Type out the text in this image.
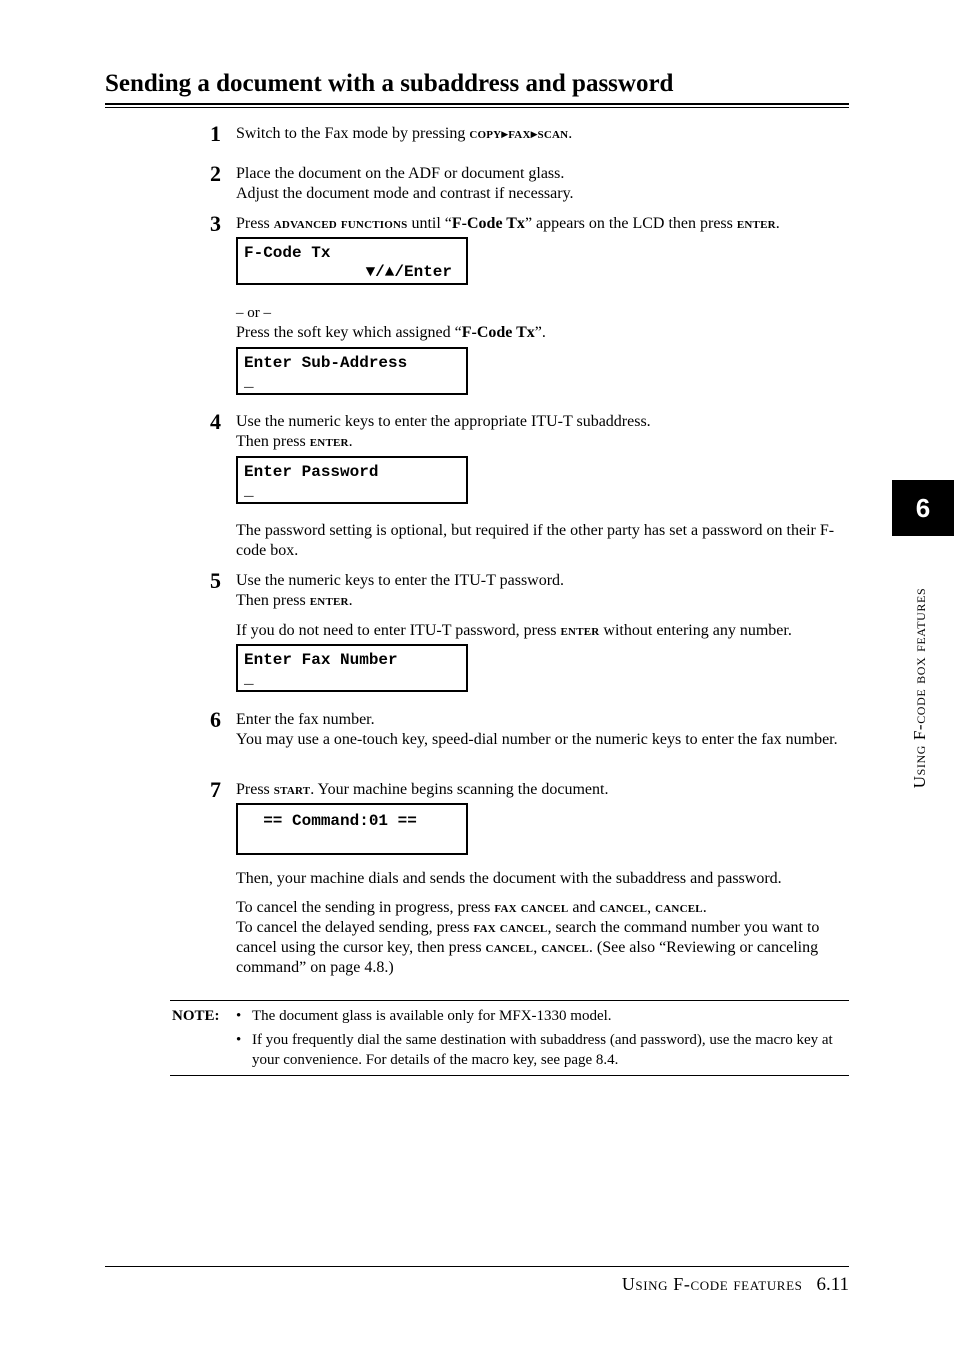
Sending a document with a subaddress and password
1 Switch to the Fax mode by pressing copy▶fax▶scan.
2 Place the document on the ADF or document glass.
Adjust the document mode and contrast if necessary.
3 Press advanced functions until “F-Code Tx” appears on the LCD then press enter.
F-Code Tx
▼/▲/Enter
– or –
Press the soft key which assigned “F-Code Tx”.
Enter Sub-Address
_
4 Use the numeric keys to enter the appropriate ITU-T subaddress.
Then press enter.
Enter Password
_
The password setting is optional, but required if the other party has set a password on their F-code box.
5 Use the numeric keys to enter the ITU-T password.
Then press enter.
If you do not need to enter ITU-T password, press enter without entering any number.
Enter Fax Number
_
6 Enter the fax number.
You may use a one-touch key, speed-dial number or the numeric keys to enter the fax number.
7 Press start. Your machine begins scanning the document.
== Command:01 ==
Then, your machine dials and sends the document with the subaddress and password.
To cancel the sending in progress, press fax cancel and cancel, cancel.
To cancel the delayed sending, press fax cancel, search the command number you want to cancel using the cursor key, then press cancel, cancel. (See also “Reviewing or canceling command” on page 4.8.)
NOTE: • The document glass is available only for MFX-1330 model.
• If you frequently dial the same destination with subaddress (and password), use the macro key at your convenience. For details of the macro key, see page 8.4.
6
Using F-code box features
Using F-code features 6.11
